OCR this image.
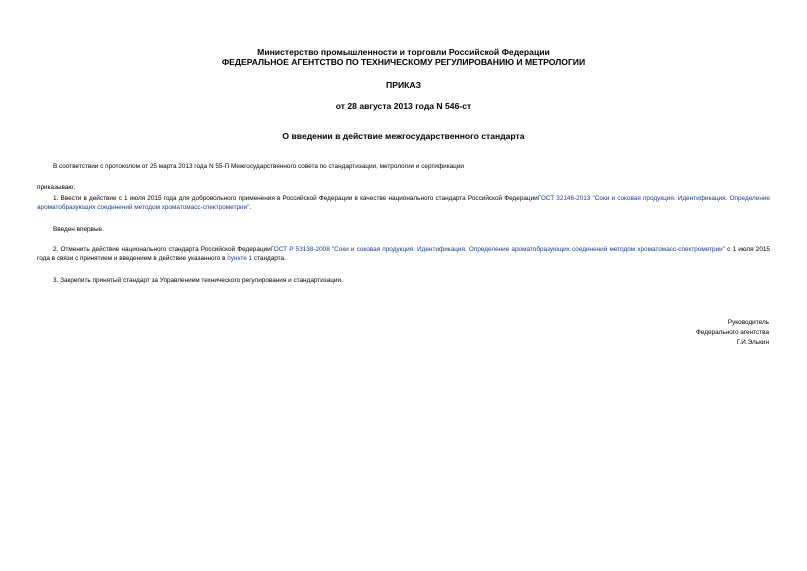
Министерство промышленности и торговли Российской Федерации
ФЕДЕРАЛЬНОЕ АГЕНТСТВО ПО ТЕХНИЧЕСКОМУ РЕГУЛИРОВАНИЮ И МЕТРОЛОГИИ
ПРИКАЗ
от 28 августа 2013 года N 546-ст
О введении в действие межгосударственного стандарта
В соответствии с протоколом от 25 марта 2013 года N 55-П Межгосударственного совета по стандартизации, метрологии и сертификации
приказываю:
1. Ввести в действие с 1 июля 2015 года для добровольного применения в Российской Федерации в качестве национального стандарта Российской ФедерацииГОСТ 32146-2013 "Соки и соковая продукция. Идентификация. Определение ароматобразующих соединений методом хроматомасс-спектрометрии".
Введен впервые.
2. Отменить действие национального стандарта Российской ФедерацииГОСТ Р 53138-2008 "Соки и соковая продукция. Идентификация. Определение ароматобразующих соединений методом хроматомасс-спектрометрии" с 1 июля 2015 года в связи с принятием и введением в действие указанного в пункте 1 стандарта.
3. Закрепить принятый стандарт за Управлением технического регулирования и стандартизации.
Руководитель
Федерального агентства
Г.И.Элькин
